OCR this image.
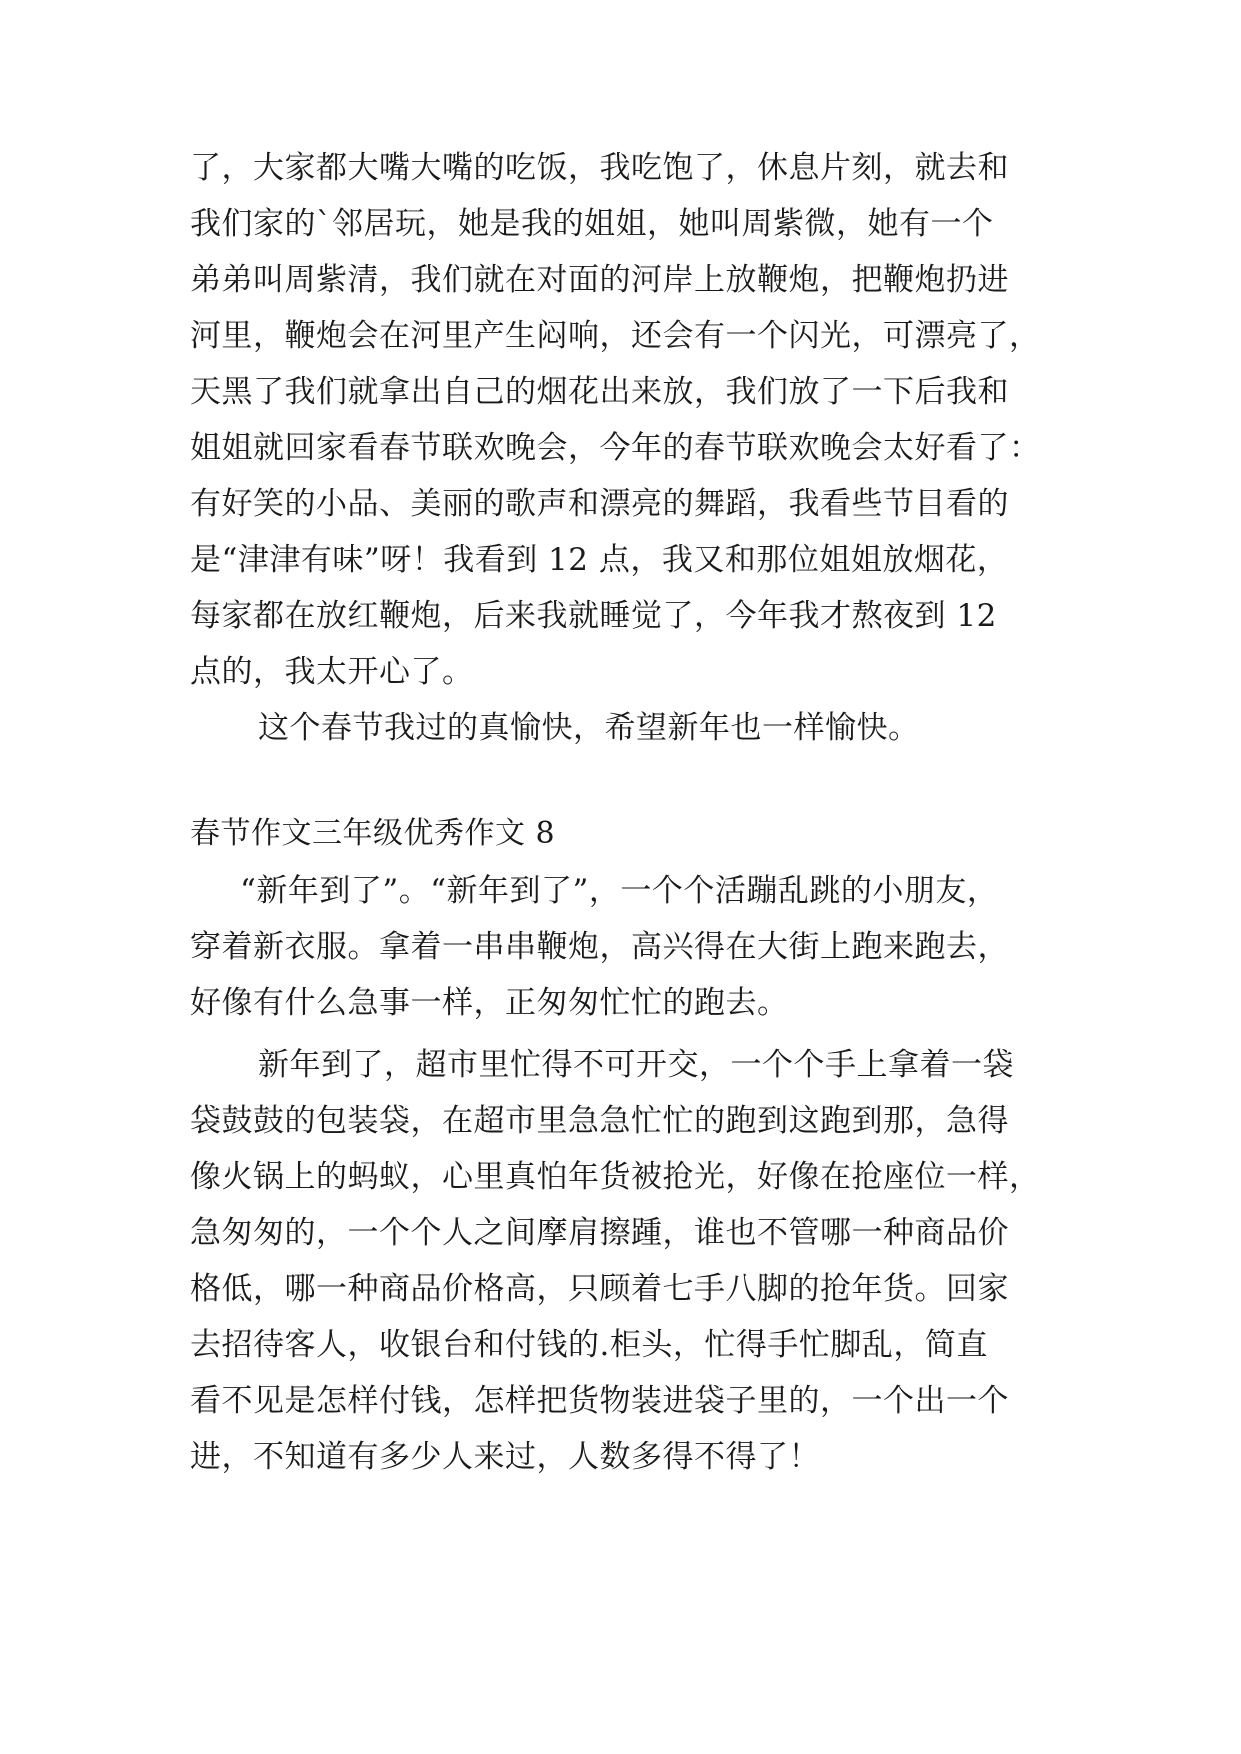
了，大家都大嘴大嘴的吃饭，我吃饱了，休息片刻，就去和
我们家的`邻居玩，她是我的姐姐，她叫周紫微，她有一个
弟弟叫周紫清，我们就在对面的河岸上放鞭炮，把鞭炮扔进
河里，鞭炮会在河里产生闷响，还会有一个闪光，可漂亮了，
天黑了我们就拿出自己的烟花出来放，我们放了一下后我和
姐姐就回家看春节联欢晚会，今年的春节联欢晚会太好看了：
有好笑的小品、美丽的歌声和漂亮的舞蹈，我看些节目看的
是“津津有味”呀！我看到 12 点，我又和那位姐姐放烟花，
每家都在放红鞭炮，后来我就睡觉了，今年我才熬夜到 12
点的，我太开心了。
这个春节我过的真愉快，希望新年也一样愉快。
春节作文三年级优秀作文 8
“新年到了”。“新年到了”，一个个活蹦乱跳的小朋友，
穿着新衣服。拿着一串串鞭炮，高兴得在大街上跑来跑去，
好像有什么急事一样，正匆匆忙忙的跑去。
新年到了，超市里忙得不可开交，一个个手上拿着一袋
袋鼓鼓的包装袋，在超市里急急忙忙的跑到这跑到那，急得
像火锅上的蚂蚁，心里真怕年货被抢光，好像在抢座位一样，
急匆匆的，一个个人之间摩肩擦踵，谁也不管哪一种商品价
格低，哪一种商品价格高，只顾着七手八脚的抢年货。回家
去招待客人，收银台和付钱的.柜头，忙得手忙脚乱，简直
看不见是怎样付钱，怎样把货物装进袋子里的，一个出一个
进，不知道有多少人来过，人数多得不得了！
